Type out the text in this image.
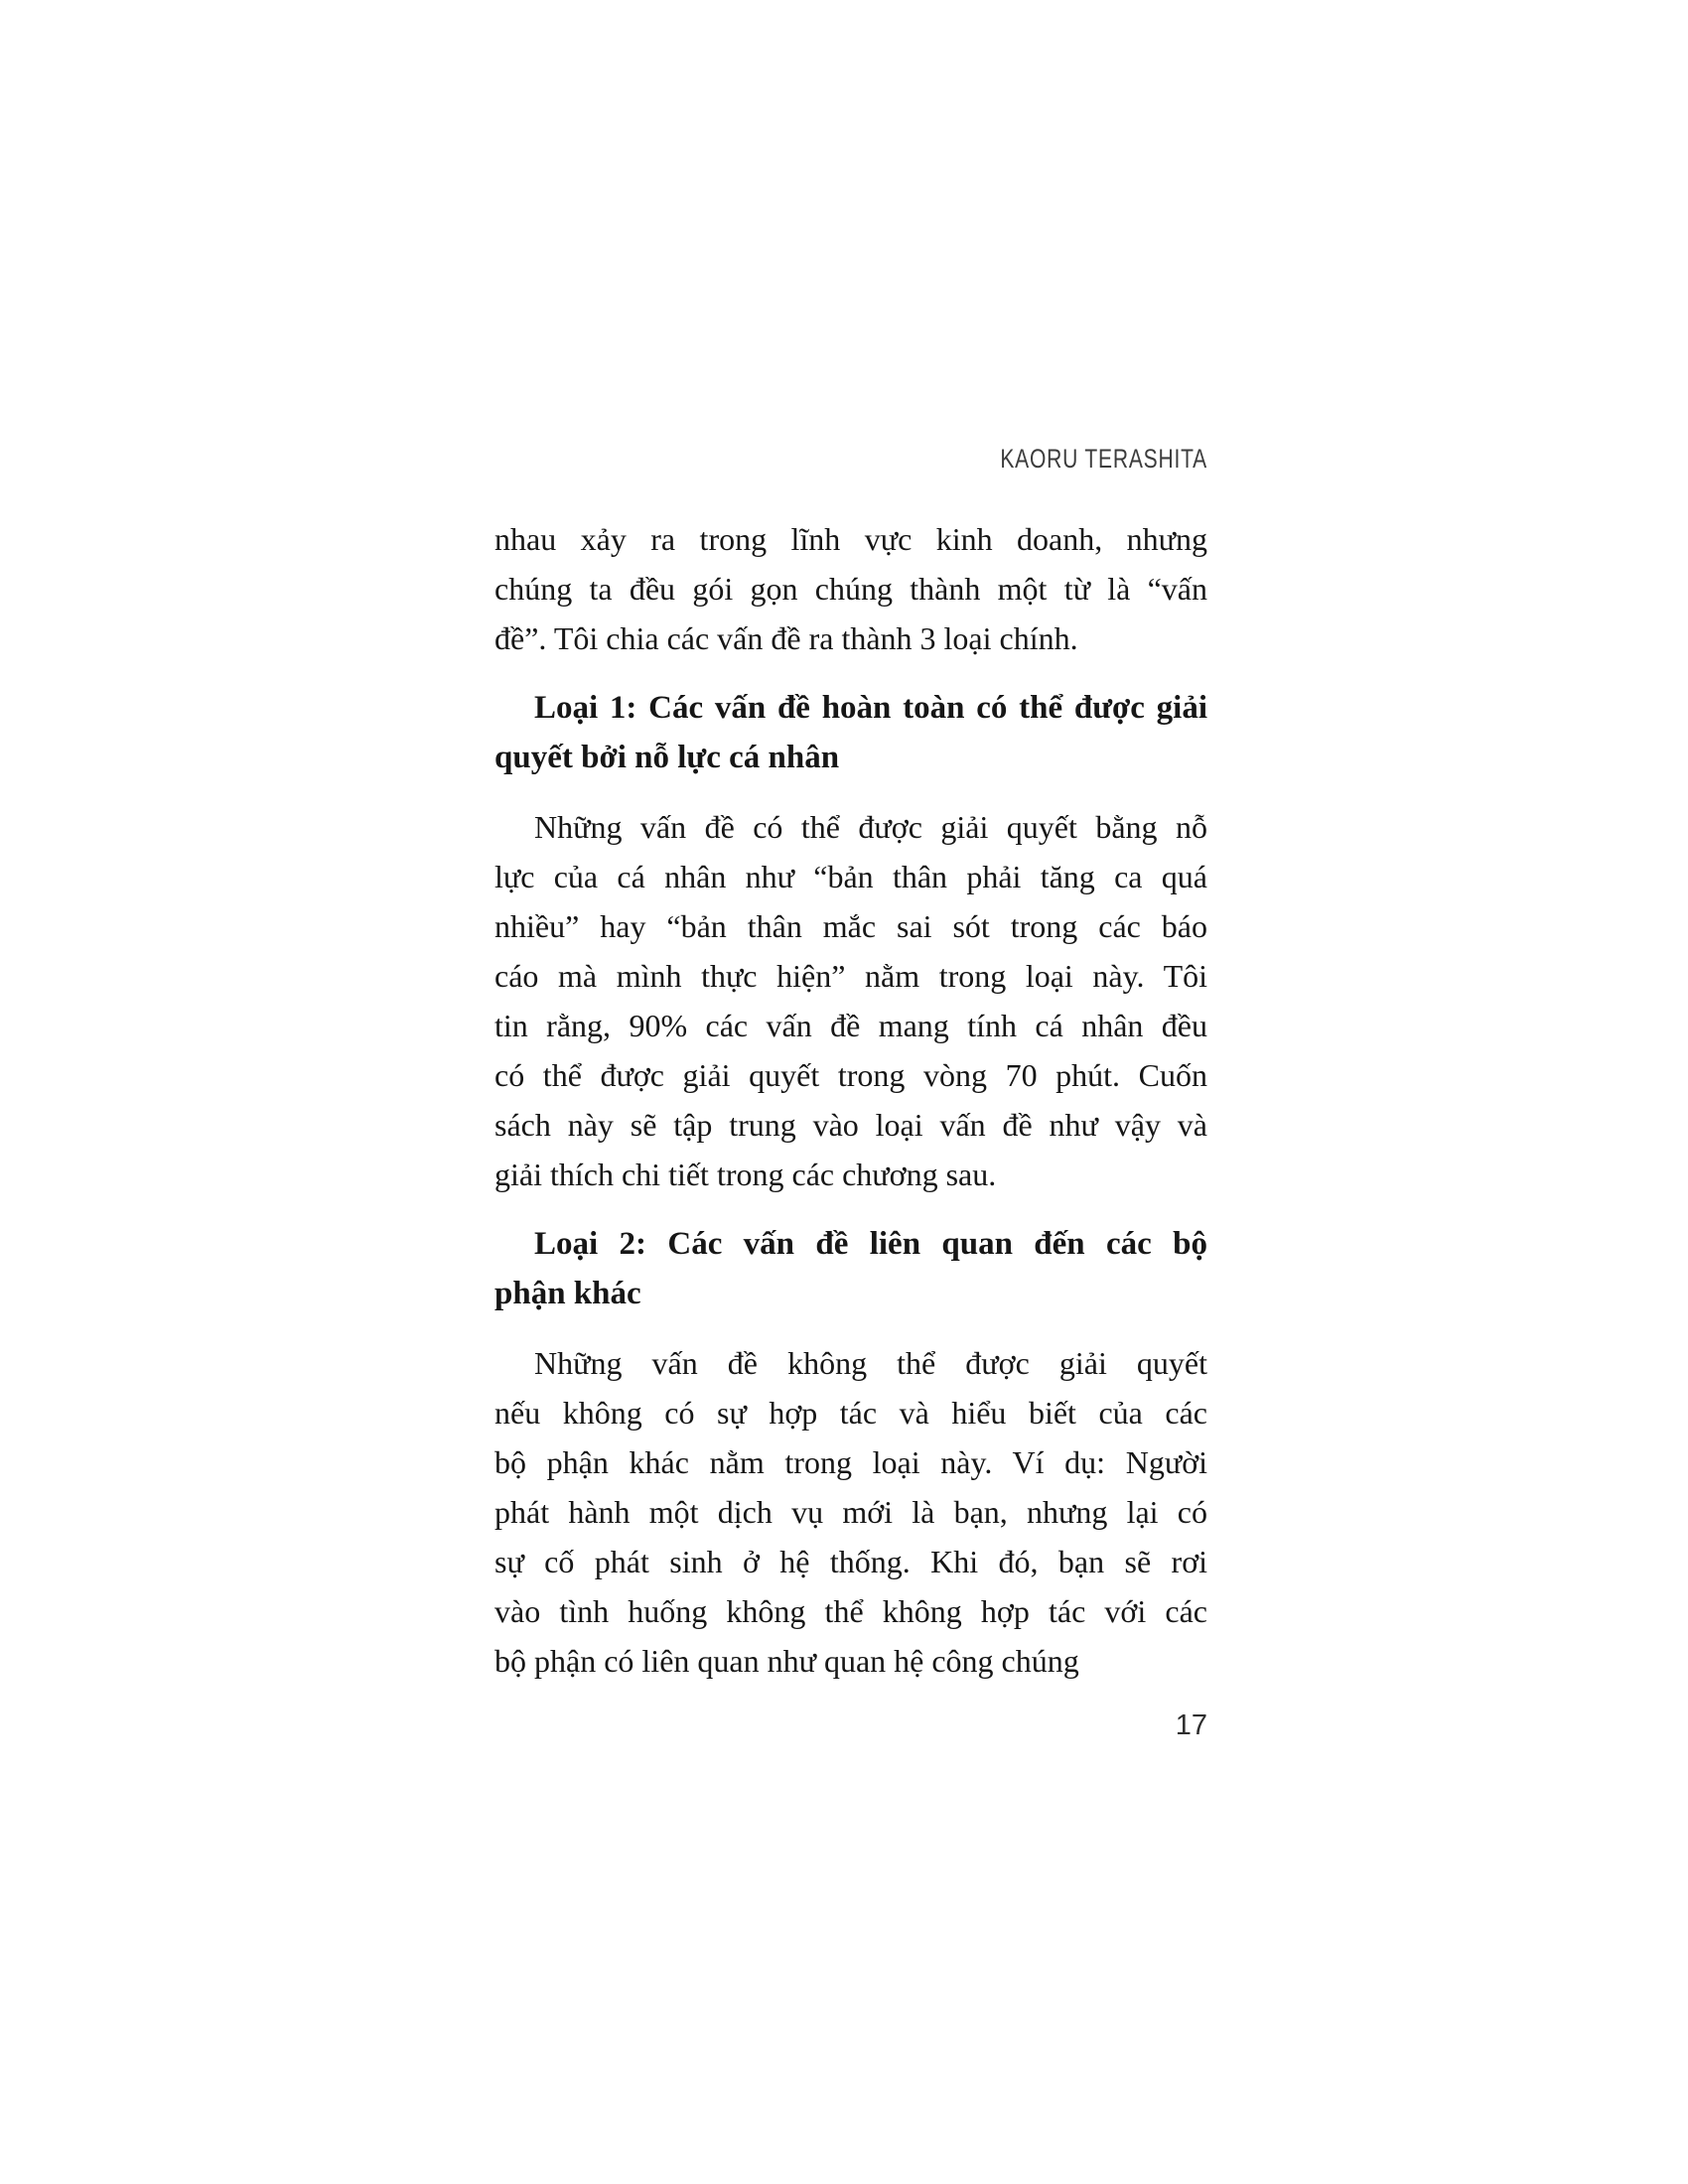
KAORU TERASHITA
nhau xảy ra trong lĩnh vực kinh doanh, nhưng
chúng ta đều gói gọn chúng thành một từ là “vấn
đề”. Tôi chia các vấn đề ra thành 3 loại chính.
Loại 1: Các vấn đề hoàn toàn có thể được giải
quyết bởi nỗ lực cá nhân
Những vấn đề có thể được giải quyết bằng nỗ
lực của cá nhân như “bản thân phải tăng ca quá
nhiều” hay “bản thân mắc sai sót trong các báo
cáo mà mình thực hiện” nằm trong loại này. Tôi
tin rằng, 90% các vấn đề mang tính cá nhân đều
có thể được giải quyết trong vòng 70 phút. Cuốn
sách này sẽ tập trung vào loại vấn đề như vậy và
giải thích chi tiết trong các chương sau.
Loại 2: Các vấn đề liên quan đến các bộ
phận khác
Những vấn đề không thể được giải quyết
nếu không có sự hợp tác và hiểu biết của các
bộ phận khác nằm trong loại này. Ví dụ: Người
phát hành một dịch vụ mới là bạn, nhưng lại có
sự cố phát sinh ở hệ thống. Khi đó, bạn sẽ rơi
vào tình huống không thể không hợp tác với các
bộ phận có liên quan như quan hệ công chúng
17
